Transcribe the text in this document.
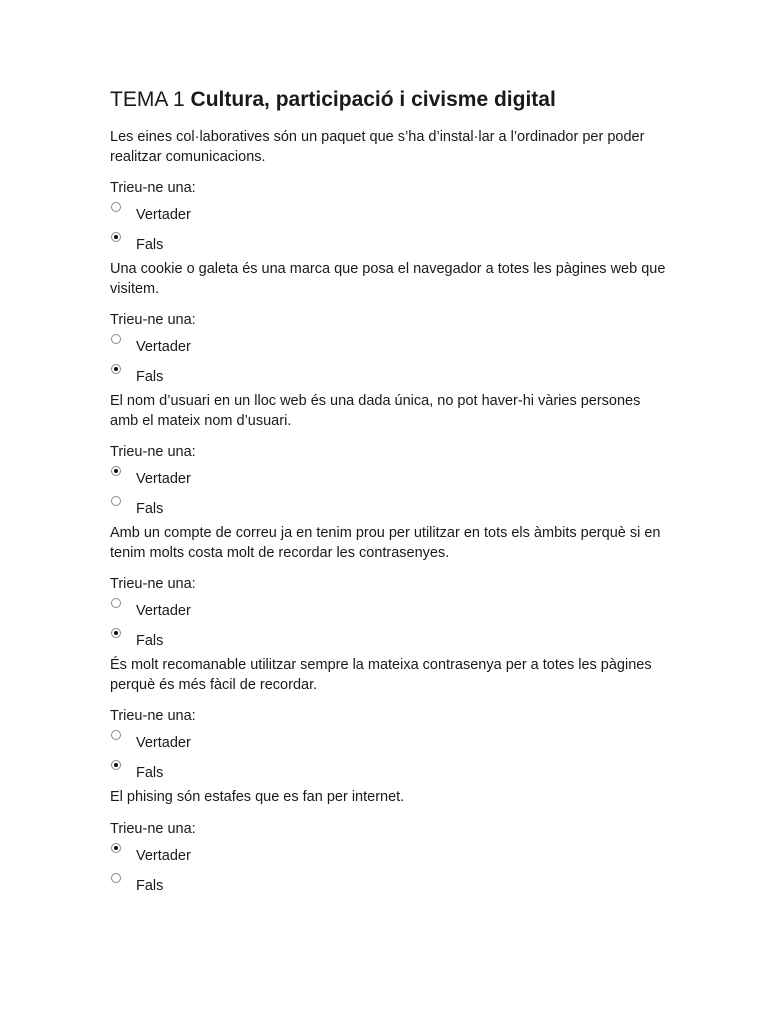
TEMA 1 Cultura, participació i civisme digital

Les eines col·laboratives són un paquet que s’ha d’instal·lar a l’ordinador per poder realitzar comunicacions.

Trieu-ne una:

Vertader
Fals

Una cookie o galeta és una marca que posa el navegador a totes les pàgines web que visitem.

Trieu-ne una:

Vertader
Fals

El nom d’usuari en un lloc web és una dada única, no pot haver-hi vàries persones amb el mateix nom d’usuari.

Trieu-ne una:

Vertader
Fals

Amb un compte de correu ja en tenim prou per utilitzar en tots els àmbits perquè si en tenim molts costa molt de recordar les contrasenyes.

Trieu-ne una:

Vertader
Fals

És molt recomanable utilitzar sempre la mateixa contrasenya per a totes les pàgines perquè és més fàcil de recordar.

Trieu-ne una:

Vertader
Fals

El phising són estafes que es fan per internet.

Trieu-ne una:

Vertader
Fals
